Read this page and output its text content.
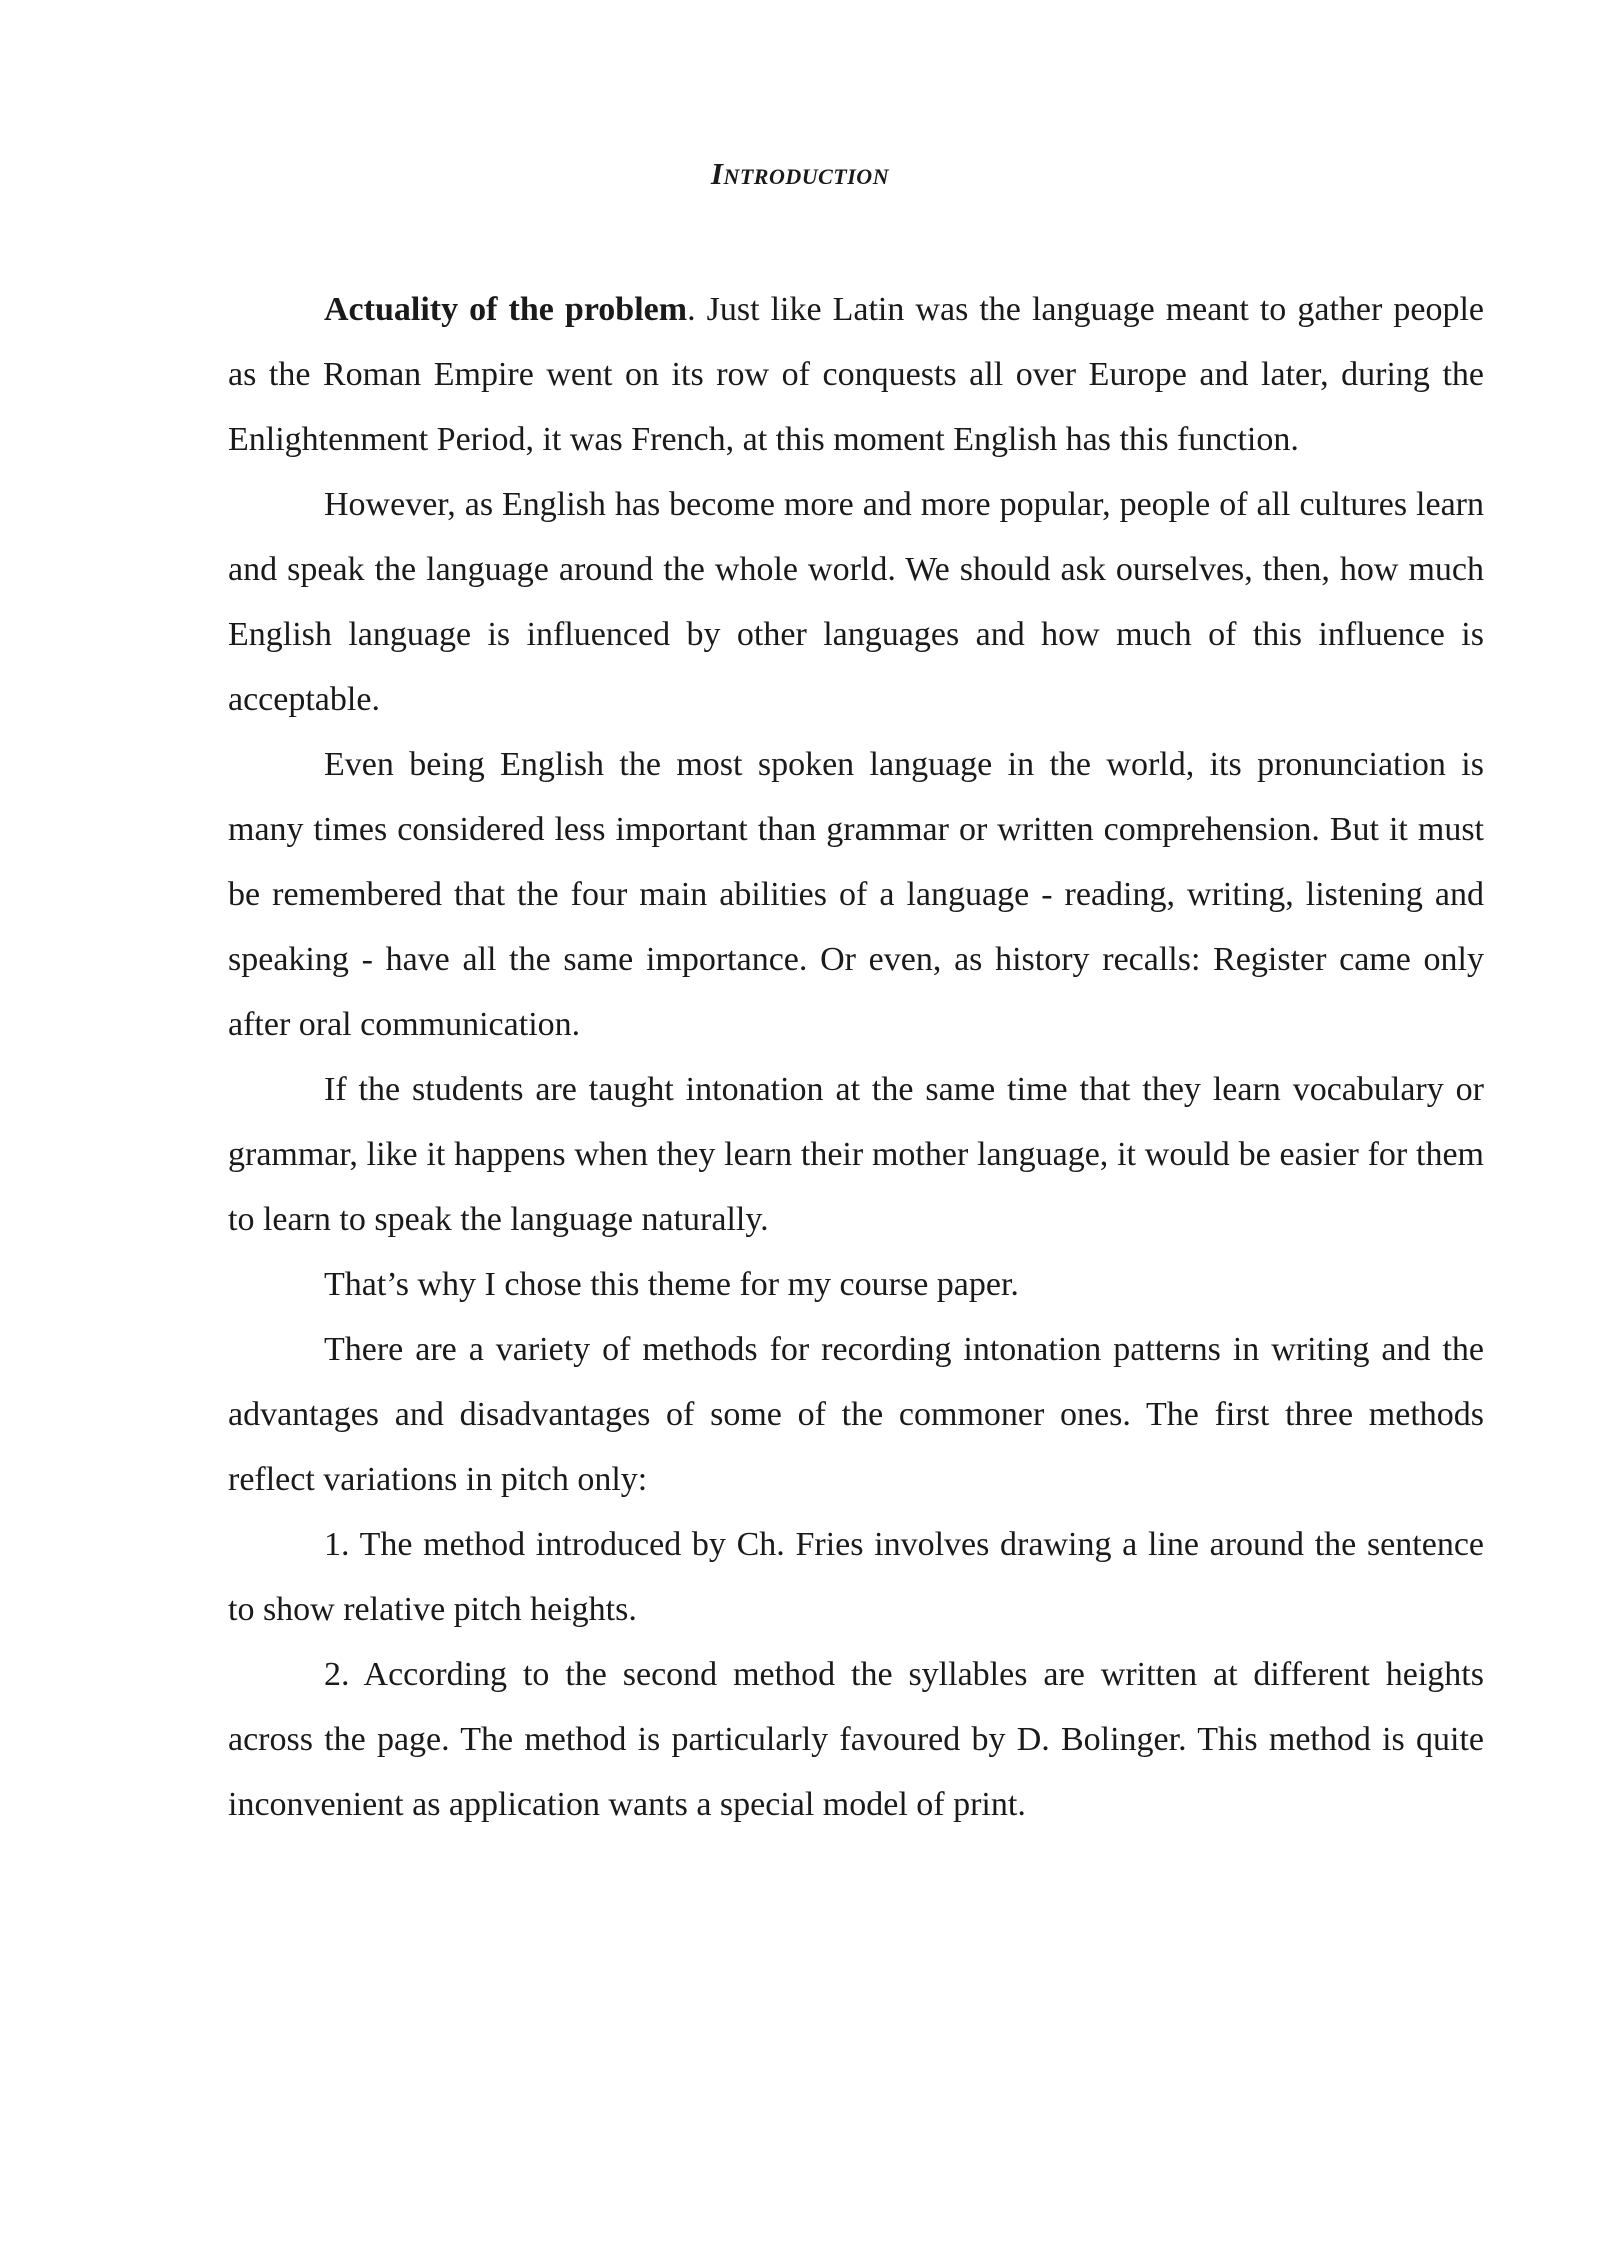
Introduction

Actuality of the problem. Just like Latin was the language meant to gather people as the Roman Empire went on its row of conquests all over Europe and later, during the Enlightenment Period, it was French, at this moment English has this function.

However, as English has become more and more popular, people of all cultures learn and speak the language around the whole world. We should ask ourselves, then, how much English language is influenced by other languages and how much of this influence is acceptable.

Even being English the most spoken language in the world, its pronunciation is many times considered less important than grammar or written comprehension. But it must be remembered that the four main abilities of a language - reading, writing, listening and speaking - have all the same importance. Or even, as history recalls: Register came only after oral communication.

If the students are taught intonation at the same time that they learn vocabulary or grammar, like it happens when they learn their mother language, it would be easier for them to learn to speak the language naturally.

That’s why I chose this theme for my course paper.

There are a variety of methods for recording intonation patterns in writing and the advantages and disadvantages of some of the commoner ones. The first three methods reflect variations in pitch only:

1. The method introduced by Ch. Fries involves drawing a line around the sentence to show relative pitch heights.

2. According to the second method the syllables are written at different heights across the page. The method is particularly favoured by D. Bolinger. This method is quite inconvenient as application wants a special model of print.
